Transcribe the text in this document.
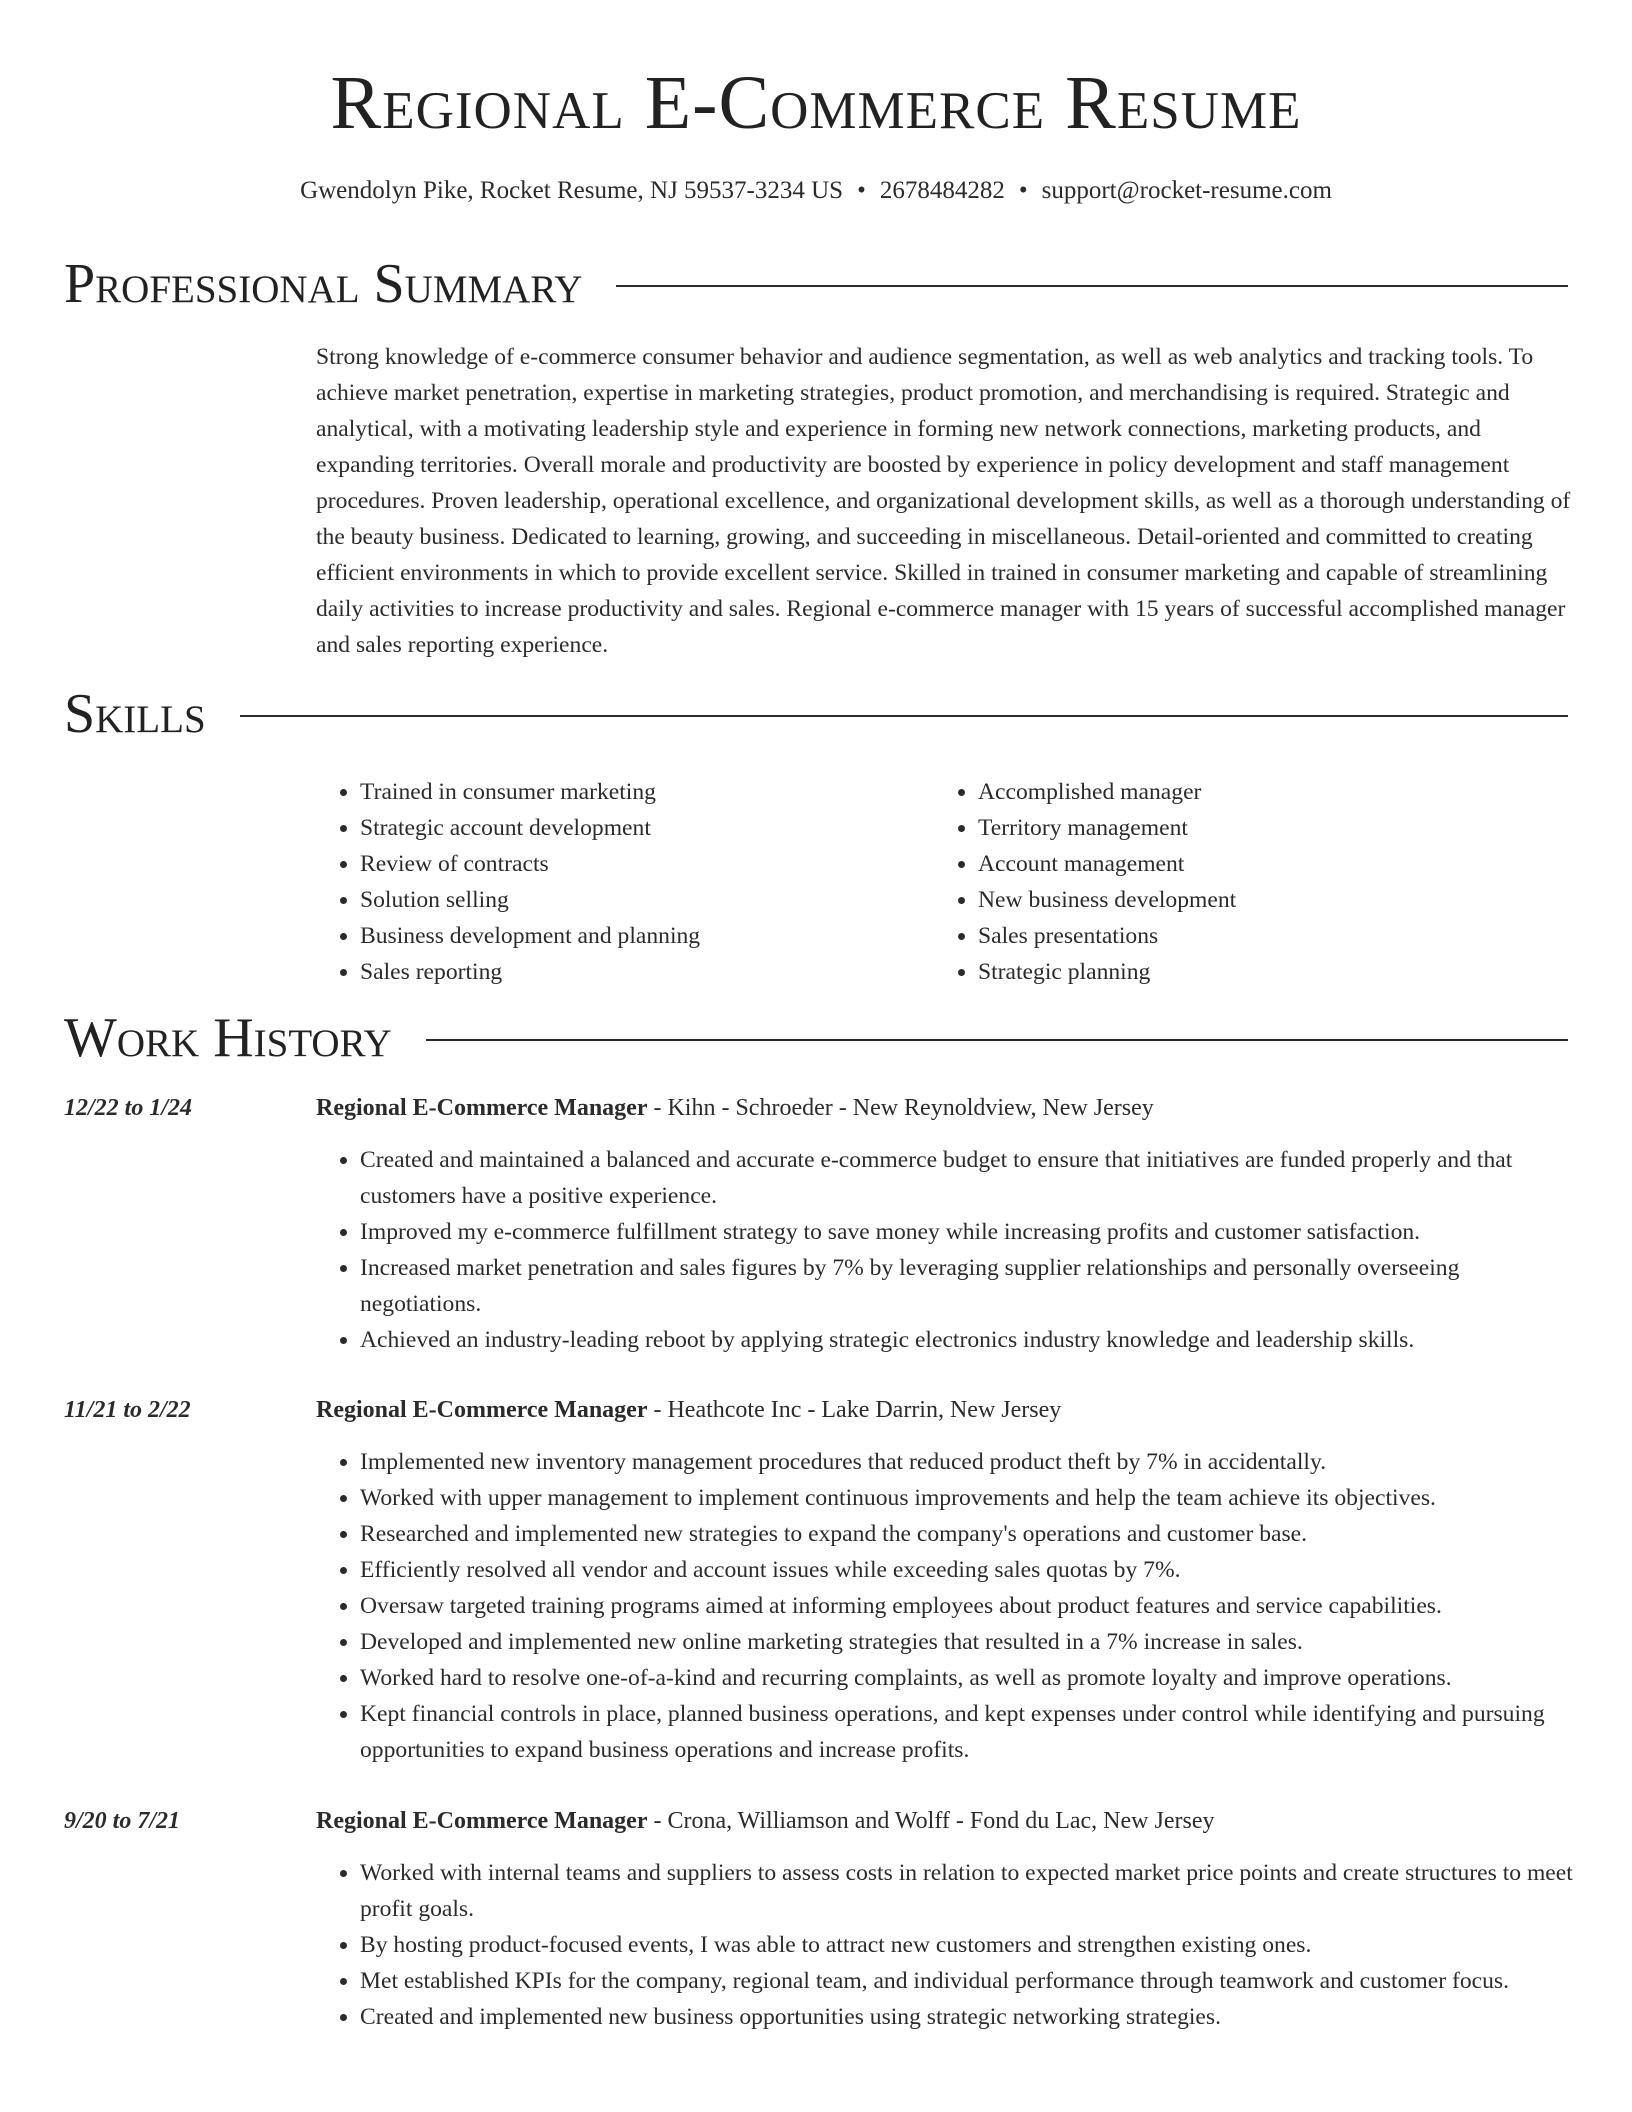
Regional E-Commerce Resume
Gwendolyn Pike, Rocket Resume, NJ 59537-3234 US • 2678484282 • support@rocket-resume.com
Professional Summary

Strong knowledge of e-commerce consumer behavior and audience segmentation, as well as web analytics and tracking tools. To achieve market penetration, expertise in marketing strategies, product promotion, and merchandising is required. Strategic and analytical, with a motivating leadership style and experience in forming new network connections, marketing products, and expanding territories. Overall morale and productivity are boosted by experience in policy development and staff management procedures. Proven leadership, operational excellence, and organizational development skills, as well as a thorough understanding of the beauty business. Dedicated to learning, growing, and succeeding in miscellaneous. Detail-oriented and committed to creating efficient environments in which to provide excellent service. Skilled in trained in consumer marketing and capable of streamlining daily activities to increase productivity and sales. Regional e-commerce manager with 15 years of successful accomplished manager and sales reporting experience.

Skills
• Trained in consumer marketing
• Strategic account development
• Review of contracts
• Solution selling
• Business development and planning
• Sales reporting
• Accomplished manager
• Territory management
• Account management
• New business development
• Sales presentations
• Strategic planning
Work History
12/22 to 1/24	Regional E-Commerce Manager - Kihn - Schroeder - New Reynoldview, New Jersey
• Created and maintained a balanced and accurate e-commerce budget to ensure that initiatives are funded properly and that customers have a positive experience.
• Improved my e-commerce fulfillment strategy to save money while increasing profits and customer satisfaction.
• Increased market penetration and sales figures by 7% by leveraging supplier relationships and personally overseeing negotiations.
• Achieved an industry-leading reboot by applying strategic electronics industry knowledge and leadership skills.
11/21 to 2/22	Regional E-Commerce Manager - Heathcote Inc - Lake Darrin, New Jersey
• Implemented new inventory management procedures that reduced product theft by 7% in accidentally.
• Worked with upper management to implement continuous improvements and help the team achieve its objectives.
• Researched and implemented new strategies to expand the company's operations and customer base.
• Efficiently resolved all vendor and account issues while exceeding sales quotas by 7%.
• Oversaw targeted training programs aimed at informing employees about product features and service capabilities.
• Developed and implemented new online marketing strategies that resulted in a 7% increase in sales.
• Worked hard to resolve one-of-a-kind and recurring complaints, as well as promote loyalty and improve operations.
• Kept financial controls in place, planned business operations, and kept expenses under control while identifying and pursuing opportunities to expand business operations and increase profits.
9/20 to 7/21	Regional E-Commerce Manager - Crona, Williamson and Wolff - Fond du Lac, New Jersey
• Worked with internal teams and suppliers to assess costs in relation to expected market price points and create structures to meet profit goals.
• By hosting product-focused events, I was able to attract new customers and strengthen existing ones.
• Met established KPIs for the company, regional team, and individual performance through teamwork and customer focus.
• Created and implemented new business opportunities using strategic networking strategies.
